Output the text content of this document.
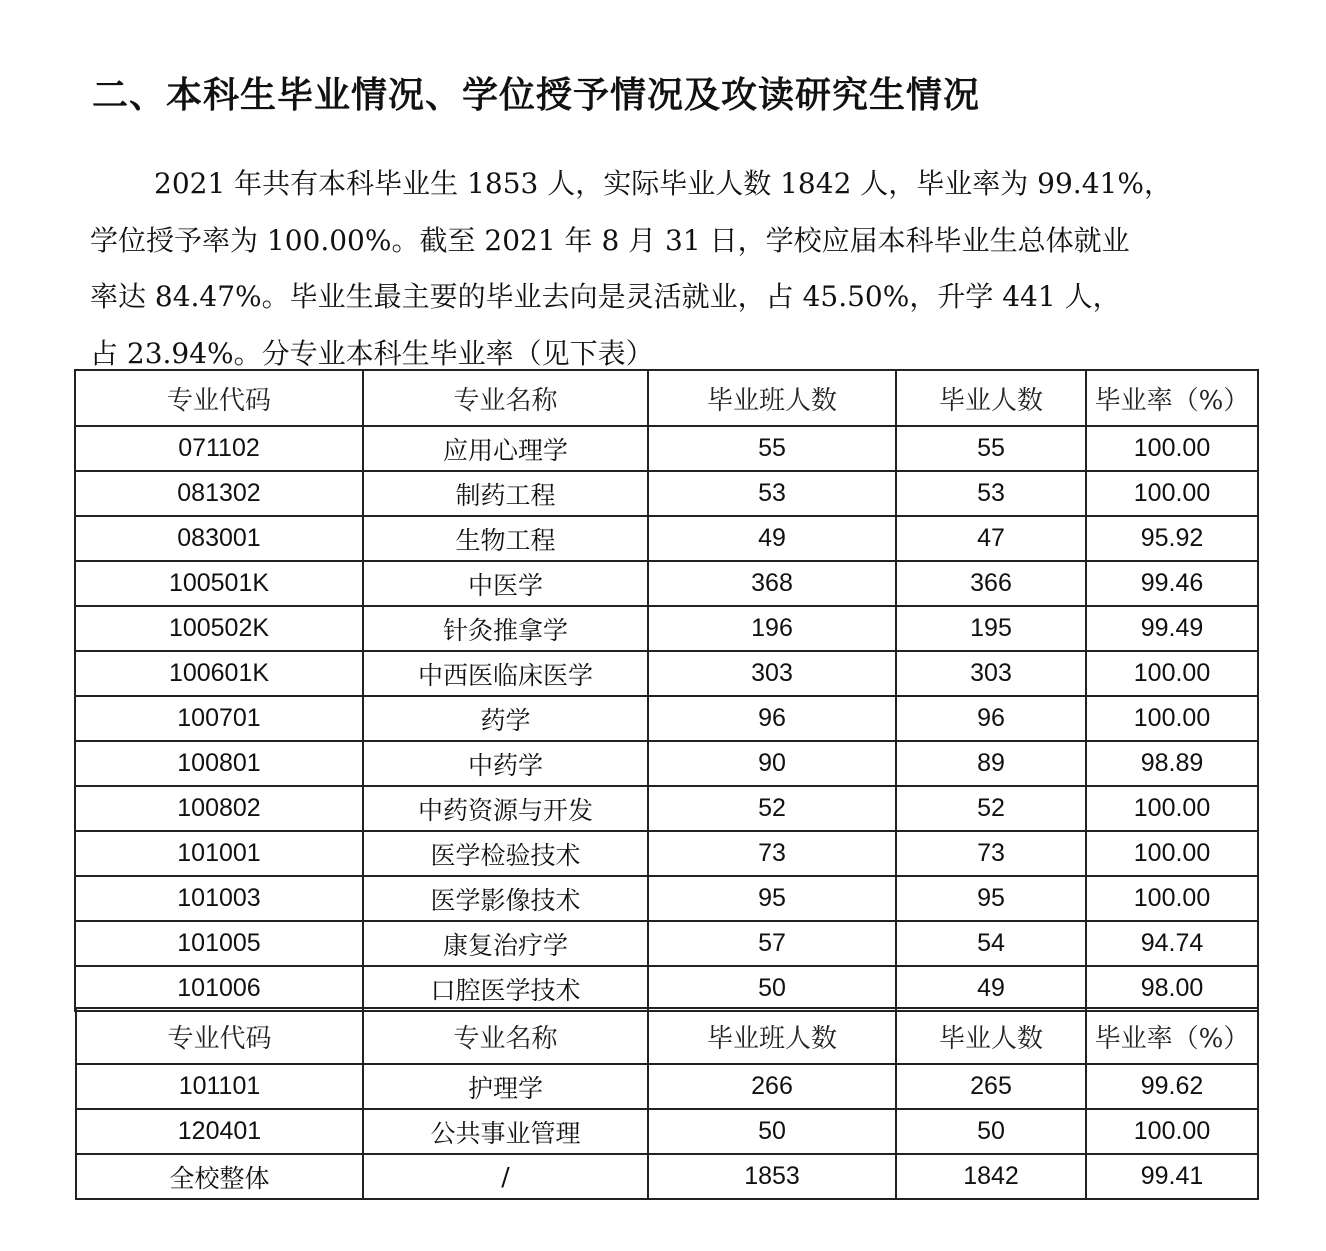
二、本科生毕业情况、学位授予情况及攻读研究生情况

2021 年共有本科毕业生 1853 人，实际毕业人数 1842 人，毕业率为 99.41%，
学位授予率为 100.00%。截至 2021 年 8 月 31 日，学校应届本科毕业生总体就业
率达 84.47%。毕业生最主要的毕业去向是灵活就业，占 45.50%，升学 441 人，
占 23.94%。分专业本科生毕业率（见下表）

专业代码	专业名称	毕业班人数	毕业人数	毕业率（%）
071102	应用心理学	55	55	100.00
081302	制药工程	53	53	100.00
083001	生物工程	49	47	95.92
100501K	中医学	368	366	99.46
100502K	针灸推拿学	196	195	99.49
100601K	中西医临床医学	303	303	100.00
100701	药学	96	96	100.00
100801	中药学	90	89	98.89
100802	中药资源与开发	52	52	100.00
101001	医学检验技术	73	73	100.00
101003	医学影像技术	95	95	100.00
101005	康复治疗学	57	54	94.74
101006	口腔医学技术	50	49	98.00
专业代码	专业名称	毕业班人数	毕业人数	毕业率（%）
101101	护理学	266	265	99.62
120401	公共事业管理	50	50	100.00
全校整体	/	1853	1842	99.41
